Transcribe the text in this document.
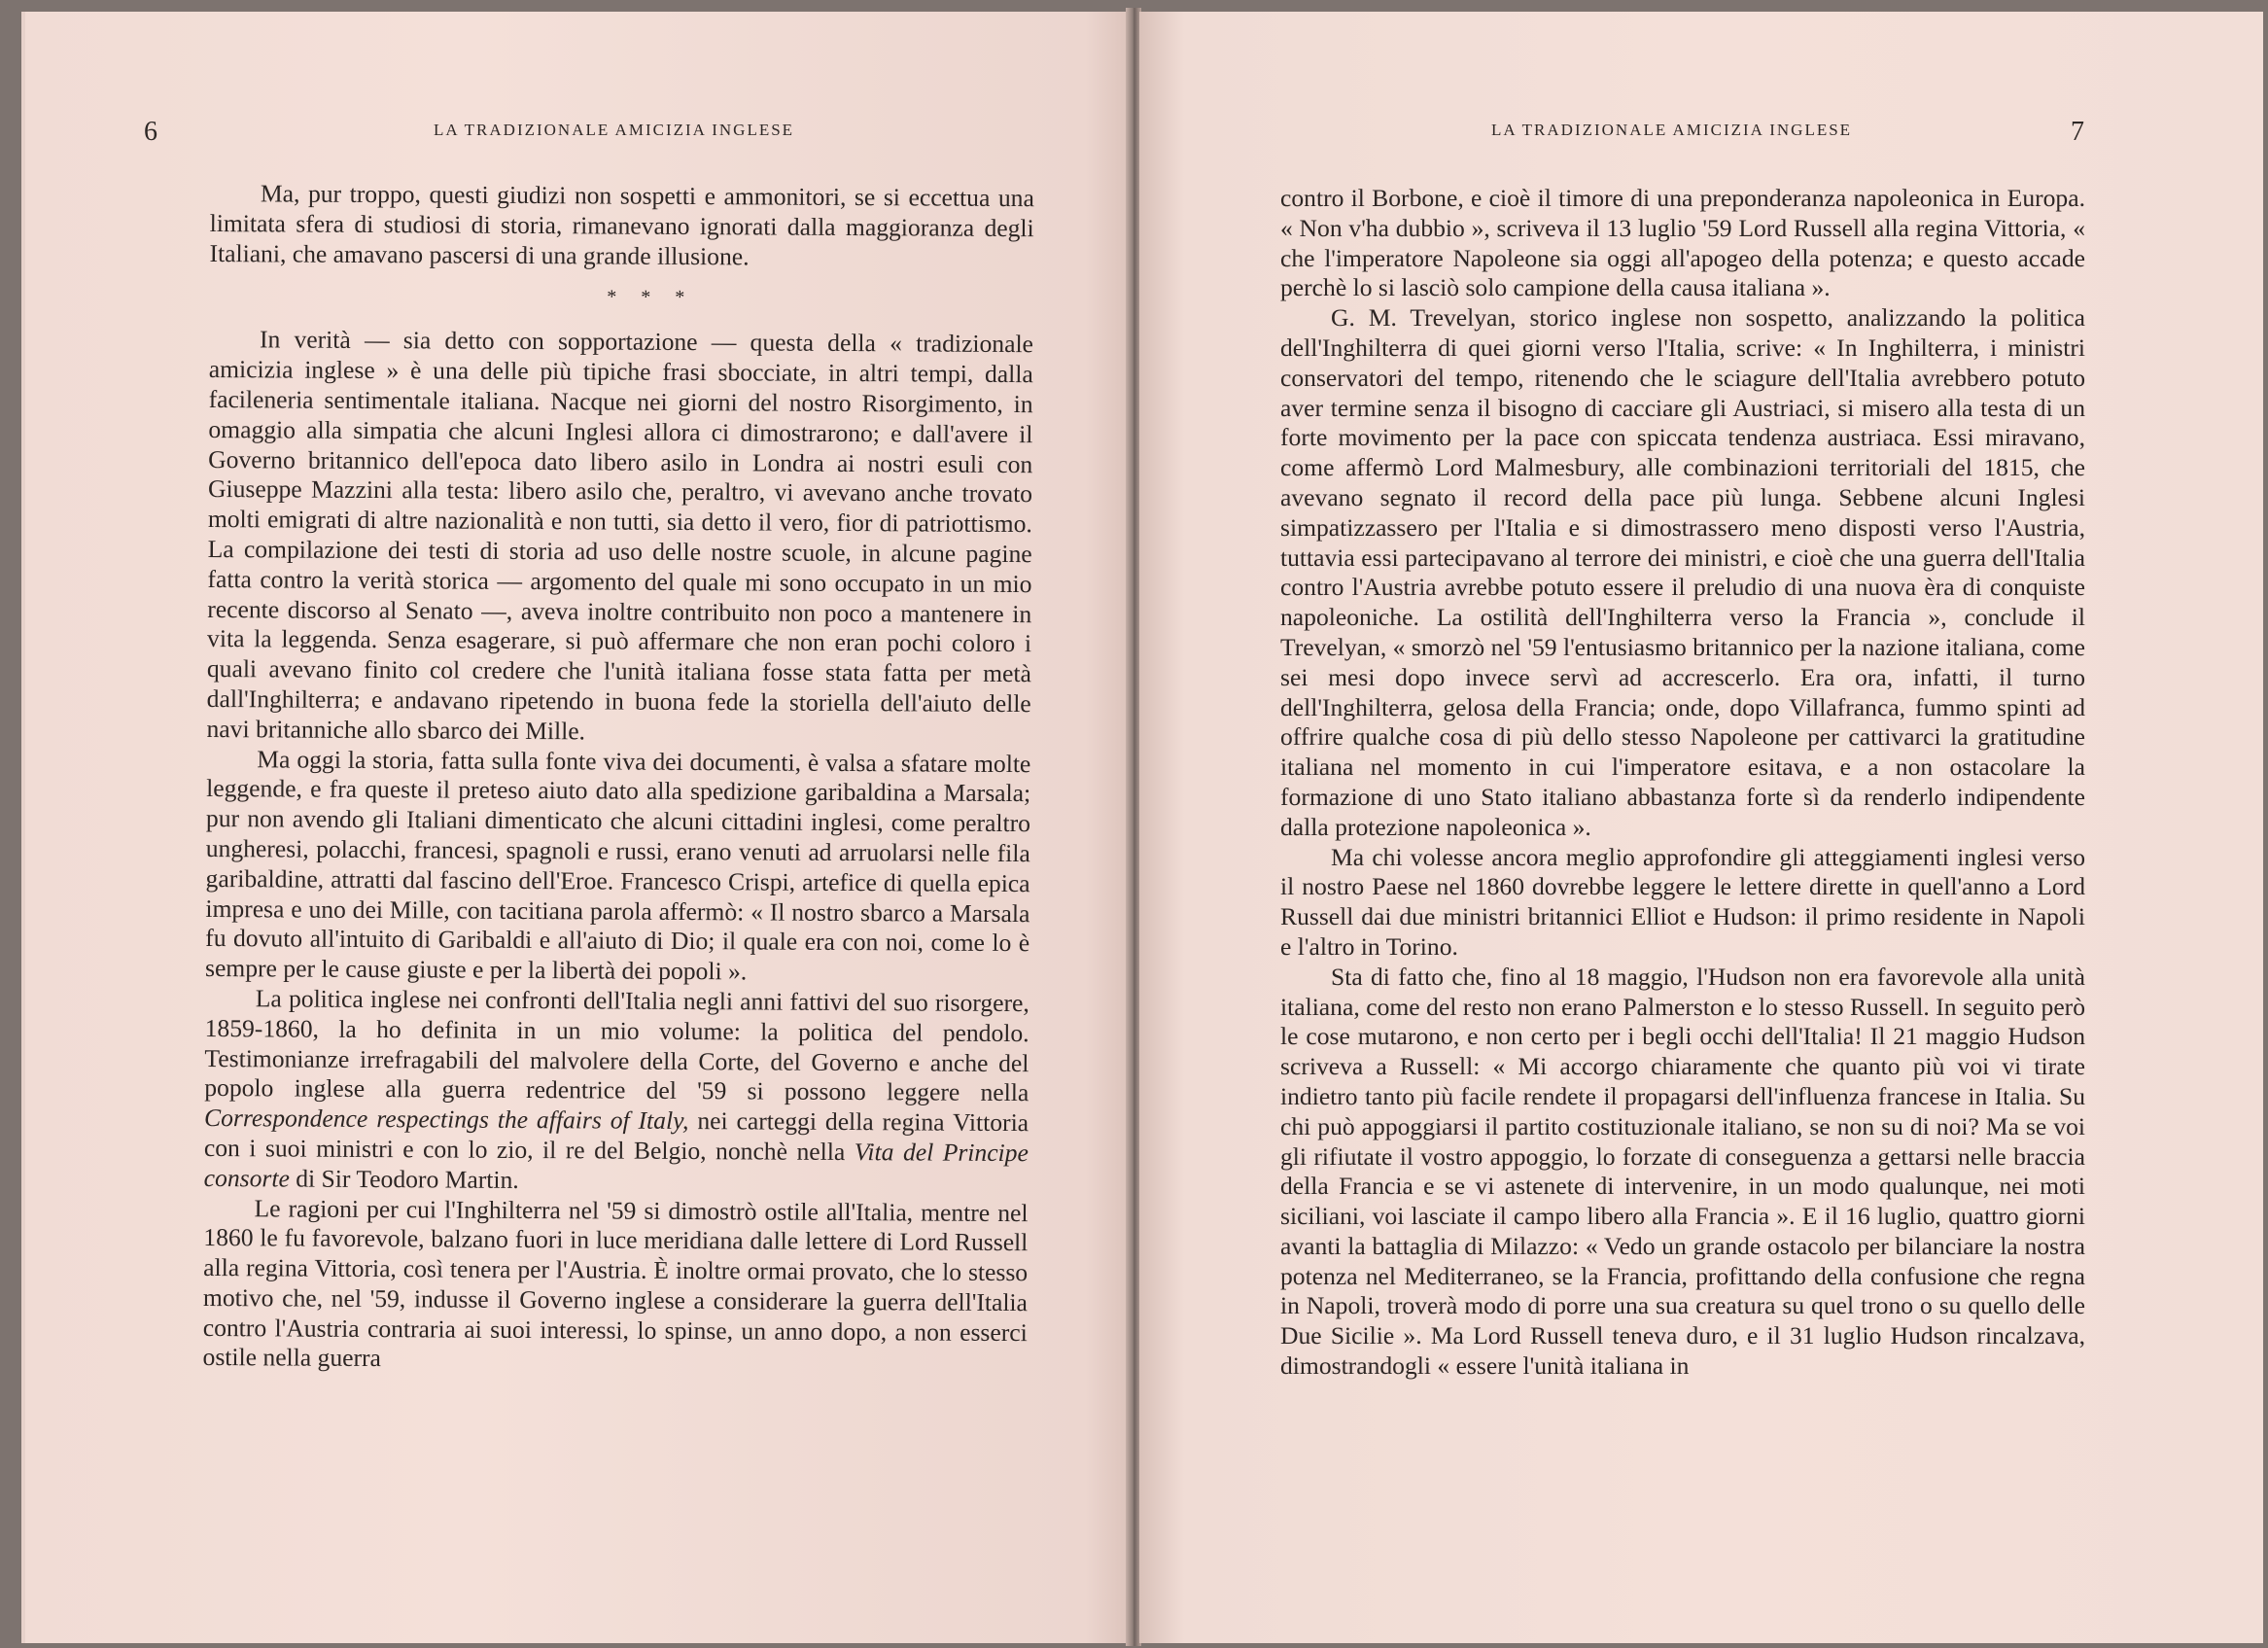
6	LA TRADIZIONALE AMICIZIA INGLESE

Ma, pur troppo, questi giudizi non sospetti e ammonitori, se si eccettua una limitata sfera di studiosi di storia, rimanevano ignorati dalla maggioranza degli Italiani, che amavano pascersi di una grande illusione.

* * *

In verità — sia detto con sopportazione — questa della « tradizionale amicizia inglese » è una delle più tipiche frasi sbocciate, in altri tempi, dalla facileneria sentimentale italiana. Nacque nei giorni del nostro Risorgimento, in omaggio alla simpatia che alcuni Inglesi allora ci dimostrarono; e dall'avere il Governo britannico dell'epoca dato libero asilo in Londra ai nostri esuli con Giuseppe Mazzini alla testa: libero asilo che, peraltro, vi avevano anche trovato molti emigrati di altre nazionalità e non tutti, sia detto il vero, fior di patriottismo. La compilazione dei testi di storia ad uso delle nostre scuole, in alcune pagine fatta contro la verità storica — argomento del quale mi sono occupato in un mio recente discorso al Senato —, aveva inoltre contribuito non poco a mantenere in vita la leggenda. Senza esagerare, si può affermare che non eran pochi coloro i quali avevano finito col credere che l'unità italiana fosse stata fatta per metà dall'Inghilterra; e andavano ripetendo in buona fede la storiella dell'aiuto delle navi britanniche allo sbarco dei Mille.

Ma oggi la storia, fatta sulla fonte viva dei documenti, è valsa a sfatare molte leggende, e fra queste il preteso aiuto dato alla spedizione garibaldina a Marsala; pur non avendo gli Italiani dimenticato che alcuni cittadini inglesi, come peraltro ungheresi, polacchi, francesi, spagnoli e russi, erano venuti ad arruolarsi nelle fila garibaldine, attratti dal fascino dell'Eroe. Francesco Crispi, artefice di quella epica impresa e uno dei Mille, con tacitiana parola affermò: « Il nostro sbarco a Marsala fu dovuto all'intuito di Garibaldi e all'aiuto di Dio; il quale era con noi, come lo è sempre per le cause giuste e per la libertà dei popoli ».

La politica inglese nei confronti dell'Italia negli anni fattivi del suo risorgere, 1859-1860, la ho definita in un mio volume: la politica del pendolo. Testimonianze irrefragabili del malvolere della Corte, del Governo e anche del popolo inglese alla guerra redentrice del '59 si possono leggere nella Correspondence respectings the affairs of Italy, nei carteggi della regina Vittoria con i suoi ministri e con lo zio, il re del Belgio, nonchè nella Vita del Principe consorte di Sir Teodoro Martin.

Le ragioni per cui l'Inghilterra nel '59 si dimostrò ostile all'Italia, mentre nel 1860 le fu favorevole, balzano fuori in luce meridiana dalle lettere di Lord Russell alla regina Vittoria, così tenera per l'Austria. È inoltre ormai provato, che lo stesso motivo che, nel '59, indusse il Governo inglese a considerare la guerra dell'Italia contro l'Austria contraria ai suoi interessi, lo spinse, un anno dopo, a non esserci ostile nella guerra

LA TRADIZIONALE AMICIZIA INGLESE	7

contro il Borbone, e cioè il timore di una preponderanza napoleonica in Europa. « Non v'ha dubbio », scriveva il 13 luglio '59 Lord Russell alla regina Vittoria, « che l'imperatore Napoleone sia oggi all'apogeo della potenza; e questo accade perchè lo si lasciò solo campione della causa italiana ».

G. M. Trevelyan, storico inglese non sospetto, analizzando la politica dell'Inghilterra di quei giorni verso l'Italia, scrive: « In Inghilterra, i ministri conservatori del tempo, ritenendo che le sciagure dell'Italia avrebbero potuto aver termine senza il bisogno di cacciare gli Austriaci, si misero alla testa di un forte movimento per la pace con spiccata tendenza austriaca. Essi miravano, come affermò Lord Malmesbury, alle combinazioni territoriali del 1815, che avevano segnato il record della pace più lunga. Sebbene alcuni Inglesi simpatizzassero per l'Italia e si dimostrassero meno disposti verso l'Austria, tuttavia essi partecipavano al terrore dei ministri, e cioè che una guerra dell'Italia contro l'Austria avrebbe potuto essere il preludio di una nuova èra di conquiste napoleoniche. La ostilità dell'Inghilterra verso la Francia », conclude il Trevelyan, « smorzò nel '59 l'entusiasmo britannico per la nazione italiana, come sei mesi dopo invece servì ad accrescerlo. Era ora, infatti, il turno dell'Inghilterra, gelosa della Francia; onde, dopo Villafranca, fummo spinti ad offrire qualche cosa di più dello stesso Napoleone per cattivarci la gratitudine italiana nel momento in cui l'imperatore esitava, e a non ostacolare la formazione di uno Stato italiano abbastanza forte sì da renderlo indipendente dalla protezione napoleonica ».

Ma chi volesse ancora meglio approfondire gli atteggiamenti inglesi verso il nostro Paese nel 1860 dovrebbe leggere le lettere dirette in quell'anno a Lord Russell dai due ministri britannici Elliot e Hudson: il primo residente in Napoli e l'altro in Torino.

Sta di fatto che, fino al 18 maggio, l'Hudson non era favorevole alla unità italiana, come del resto non erano Palmerston e lo stesso Russell. In seguito però le cose mutarono, e non certo per i begli occhi dell'Italia! Il 21 maggio Hudson scriveva a Russell: « Mi accorgo chiaramente che quanto più voi vi tirate indietro tanto più facile rendete il propagarsi dell'influenza francese in Italia. Su chi può appoggiarsi il partito costituzionale italiano, se non su di noi? Ma se voi gli rifiutate il vostro appoggio, lo forzate di conseguenza a gettarsi nelle braccia della Francia e se vi astenete di intervenire, in un modo qualunque, nei moti siciliani, voi lasciate il campo libero alla Francia ». E il 16 luglio, quattro giorni avanti la battaglia di Milazzo: « Vedo un grande ostacolo per bilanciare la nostra potenza nel Mediterraneo, se la Francia, profittando della confusione che regna in Napoli, troverà modo di porre una sua creatura su quel trono o su quello delle Due Sicilie ». Ma Lord Russell teneva duro, e il 31 luglio Hudson rincalzava, dimostrandogli « essere l'unità italiana in
